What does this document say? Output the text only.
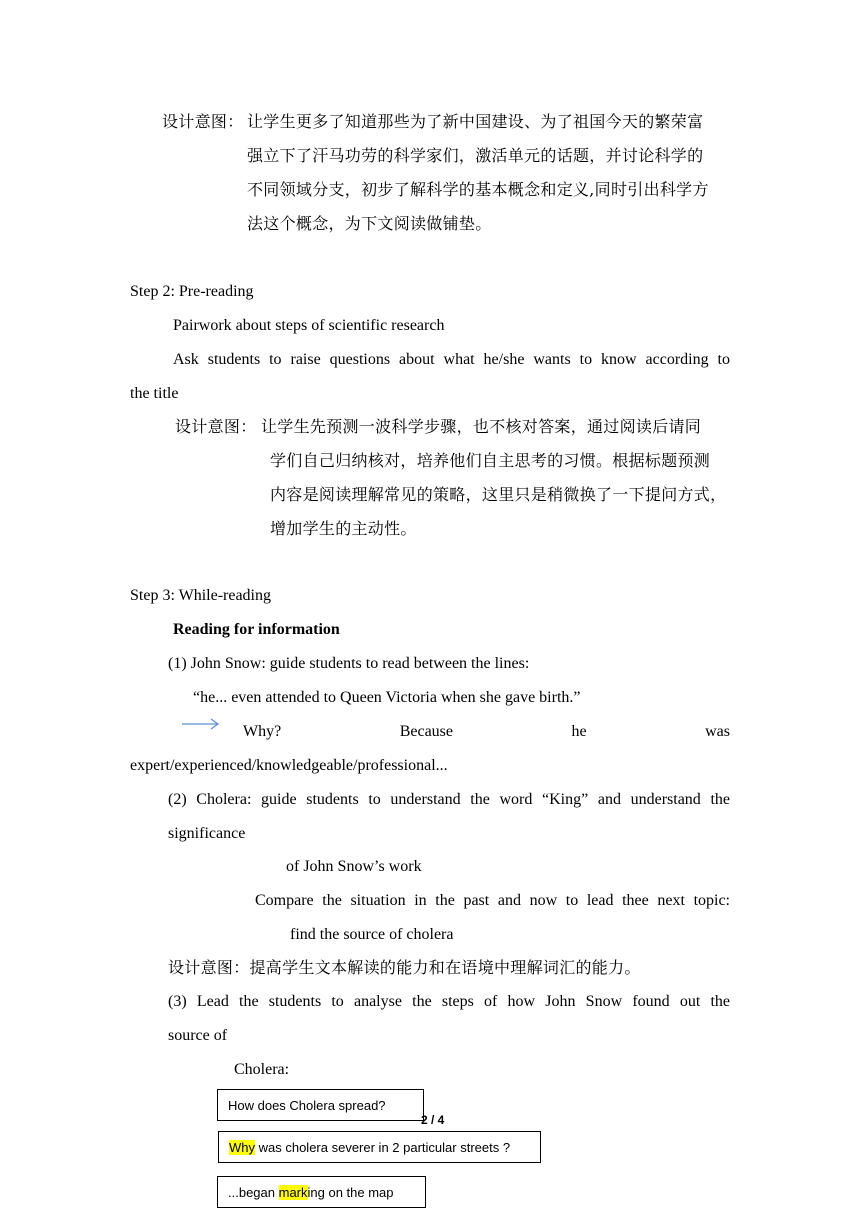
设计意图： 让学生更多了知道那些为了新中国建设、为了祖国今天的繁荣富
强立下了汗马功劳的科学家们，激活单元的话题，并讨论科学的
不同领域分支，初步了解科学的基本概念和定义,同时引出科学方
法这个概念，为下文阅读做铺垫。
Step 2: Pre-reading
Pairwork about steps of scientific research
Ask students to raise questions about what he/she wants to know according to
the title
设计意图： 让学生先预测一波科学步骤，也不核对答案，通过阅读后请同
学们自己归纳核对，培养他们自主思考的习惯。根据标题预测
内容是阅读理解常见的策略，这里只是稍微换了一下提问方式，
增加学生的主动性。
Step 3: While-reading
Reading for information
(1) John Snow: guide students to read between the lines:
“he... even attended to Queen Victoria when she gave birth.”
Why?	Because	he	was
expert/experienced/knowledgeable/professional...
(2) Cholera: guide students to understand the word “King” and understand the
significance
of John Snow’s work
Compare the situation in the past and now to lead thee next topic:
find the source of cholera
设计意图：提高学生文本解读的能力和在语境中理解词汇的能力。
(3) Lead the students to analyse the steps of how John Snow found out the
source of
Cholera:
How does Cholera spread?
2 / 4
Why was cholera severer in 2 particular streets ?
...began mark ing on the map
